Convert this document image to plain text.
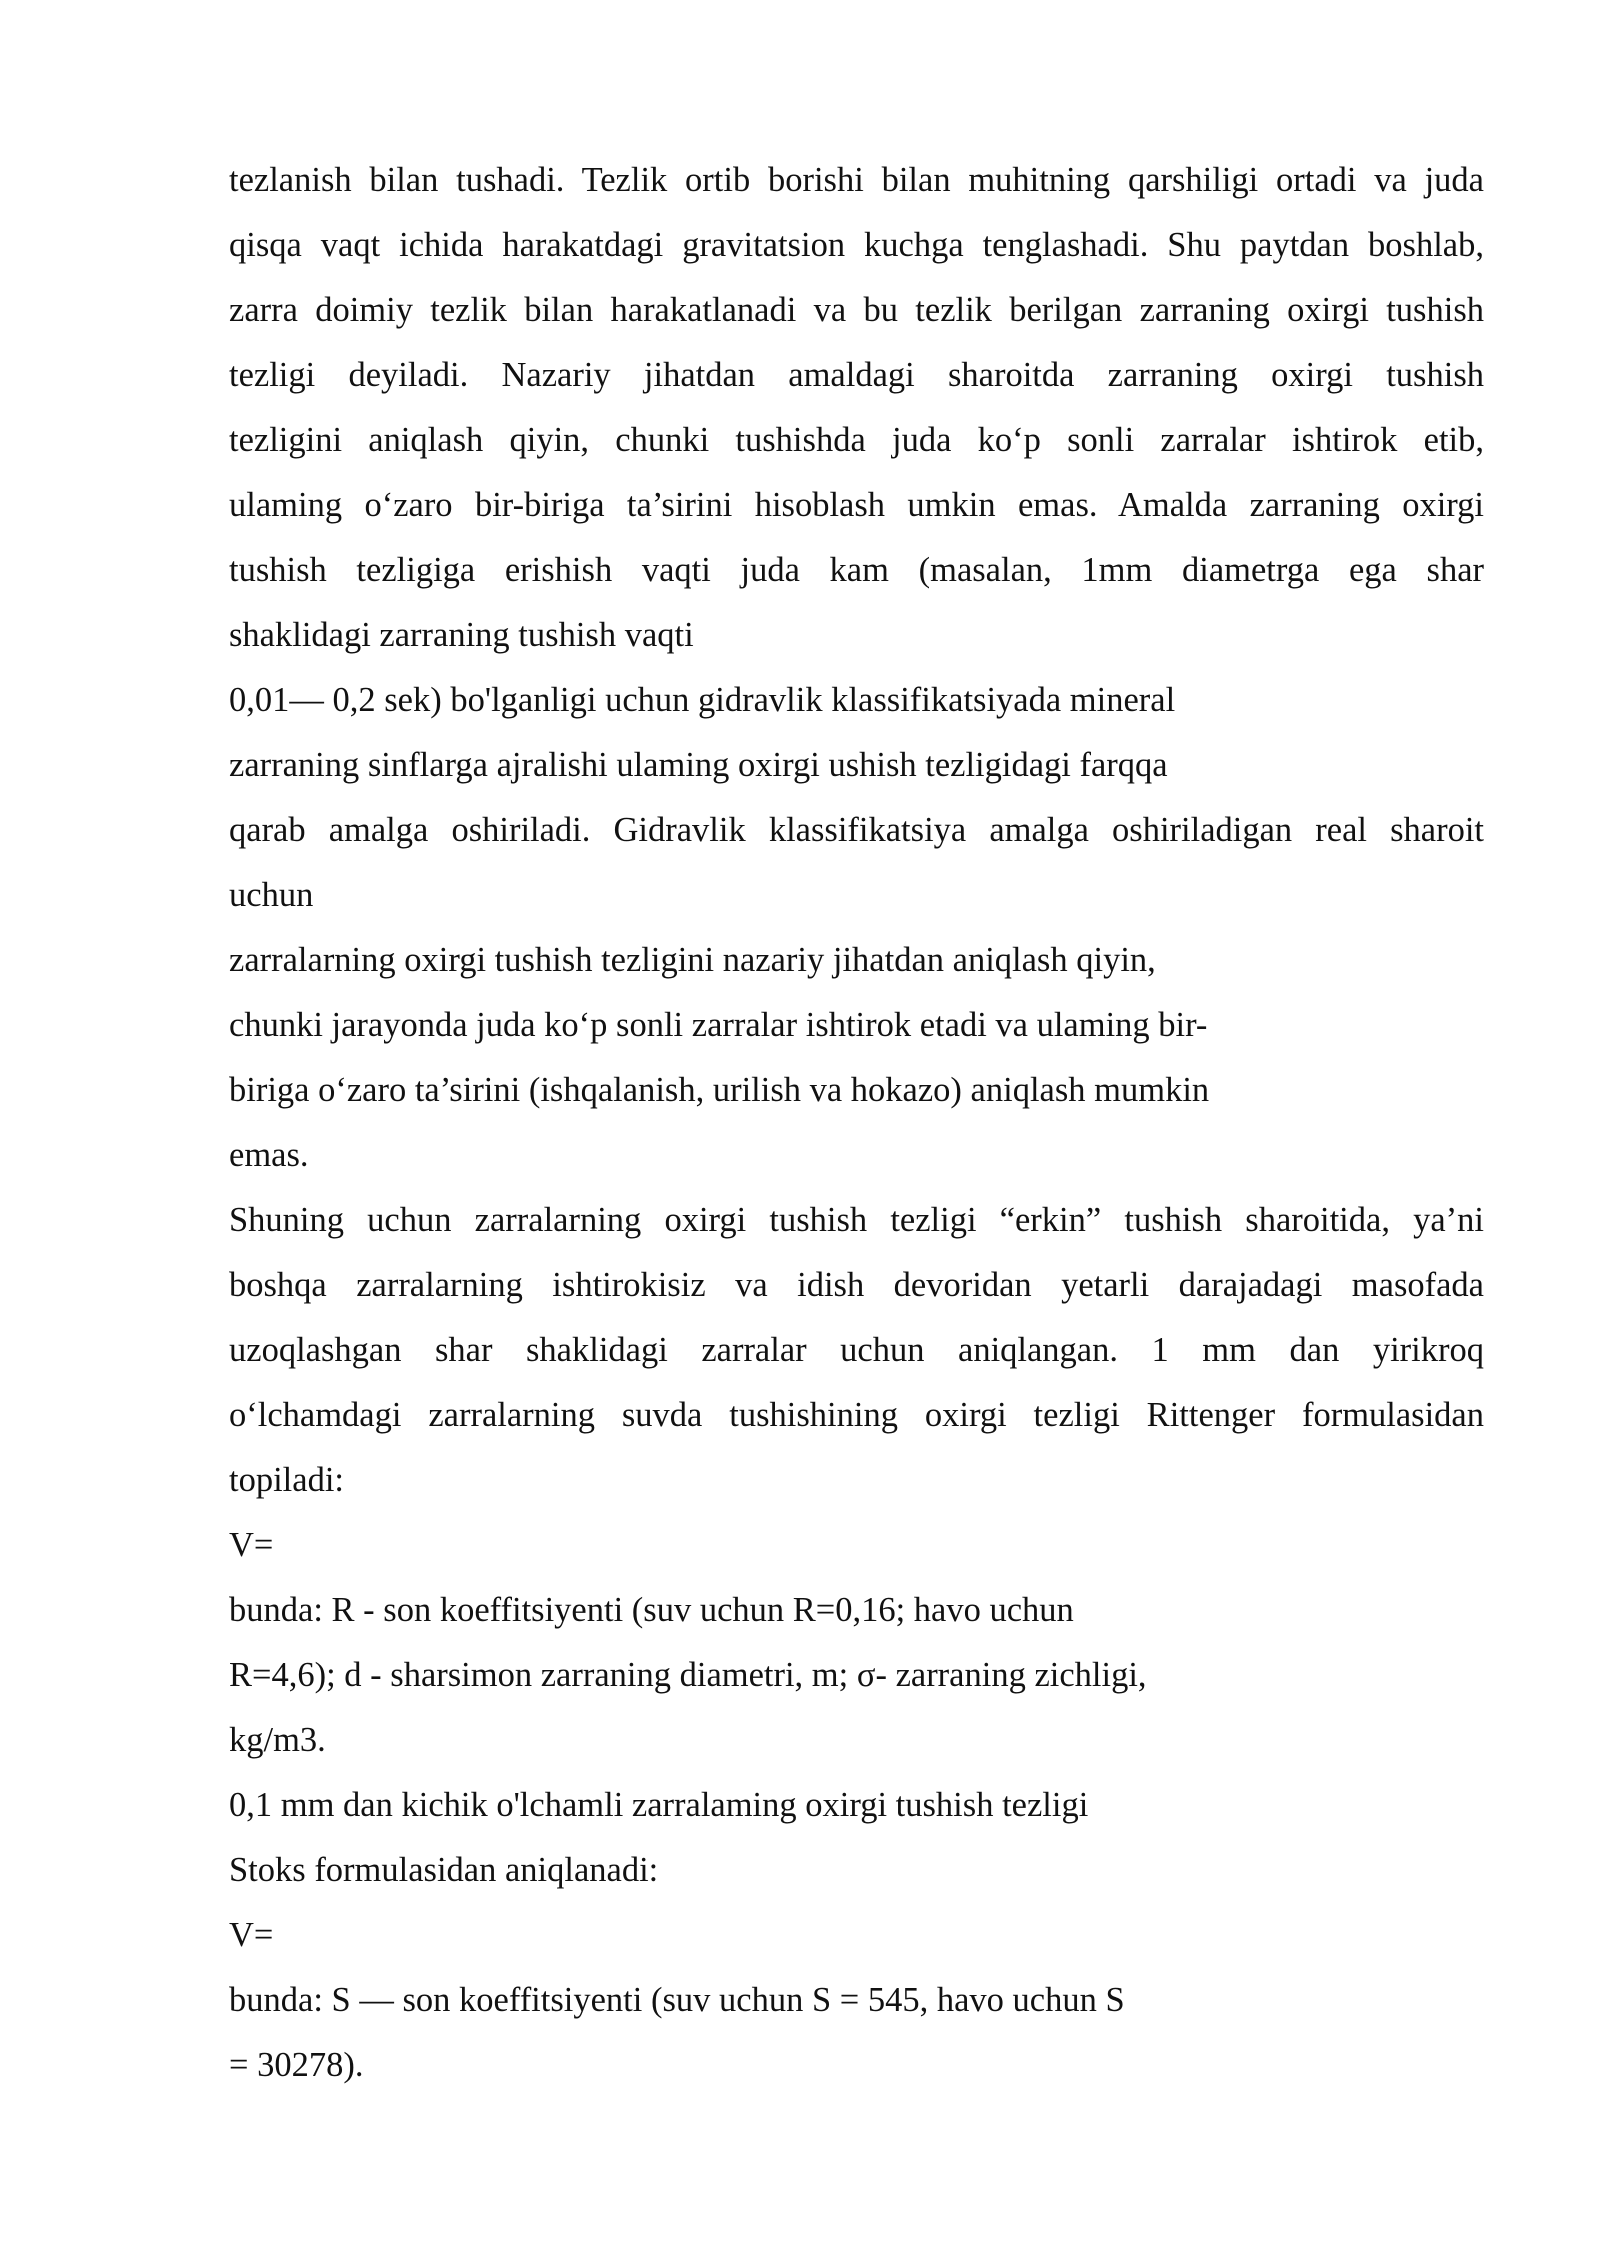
tezlanish bilan tushadi. Tezlik ortib borishi bilan muhitning qarshiligi ortadi va juda
qisqa vaqt ichida harakatdagi gravitatsion kuchga tenglashadi. Shu paytdan boshlab,
zarra doimiy tezlik bilan harakatlanadi va bu tezlik berilgan zarraning oxirgi tushish
tezligi deyiladi. Nazariy jihatdan amaldagi sharoitda zarraning oxirgi tushish
tezligini aniqlash qiyin, chunki tushishda juda ko‘p sonli zarralar ishtirok etib,
ulaming o‘zaro bir-biriga ta’sirini hisoblash umkin emas. Amalda zarraning oxirgi
tushish tezligiga erishish vaqti juda kam (masalan, 1mm diametrga ega shar
shaklidagi zarraning tushish vaqti
0,01— 0,2 sek) bo'lganligi uchun gidravlik klassifikatsiyada mineral
zarraning sinflarga ajralishi ulaming oxirgi ushish tezligidagi farqqa
qarab amalga oshiriladi. Gidravlik klassifikatsiya amalga oshiriladigan real sharoit
uchun
zarralarning oxirgi tushish tezligini nazariy jihatdan aniqlash qiyin,
chunki jarayonda juda ko‘p sonli zarralar ishtirok etadi va ulaming bir-
biriga o‘zaro ta’sirini (ishqalanish, urilish va hokazo) aniqlash mumkin
emas.
Shuning uchun zarralarning oxirgi tushish tezligi “erkin” tushish sharoitida, ya’ni
boshqa zarralarning ishtirokisiz va idish devoridan yetarli darajadagi masofada
uzoqlashgan shar shaklidagi zarralar uchun aniqlangan. 1 mm dan yirikroq
o‘lchamdagi zarralarning suvda tushishining oxirgi tezligi Rittenger formulasidan
topiladi:
V=
bunda: R - son koeffitsiyenti (suv uchun R=0,16; havo uchun
R=4,6); d - sharsimon zarraning diametri, m; σ- zarraning zichligi,
kg/m3.
0,1 mm dan kichik o'lchamli zarralaming oxirgi tushish tezligi
Stoks formulasidan aniqlanadi:
V=
bunda: S — son koeffitsiyenti (suv uchun S = 545, havo uchun S
= 30278).
